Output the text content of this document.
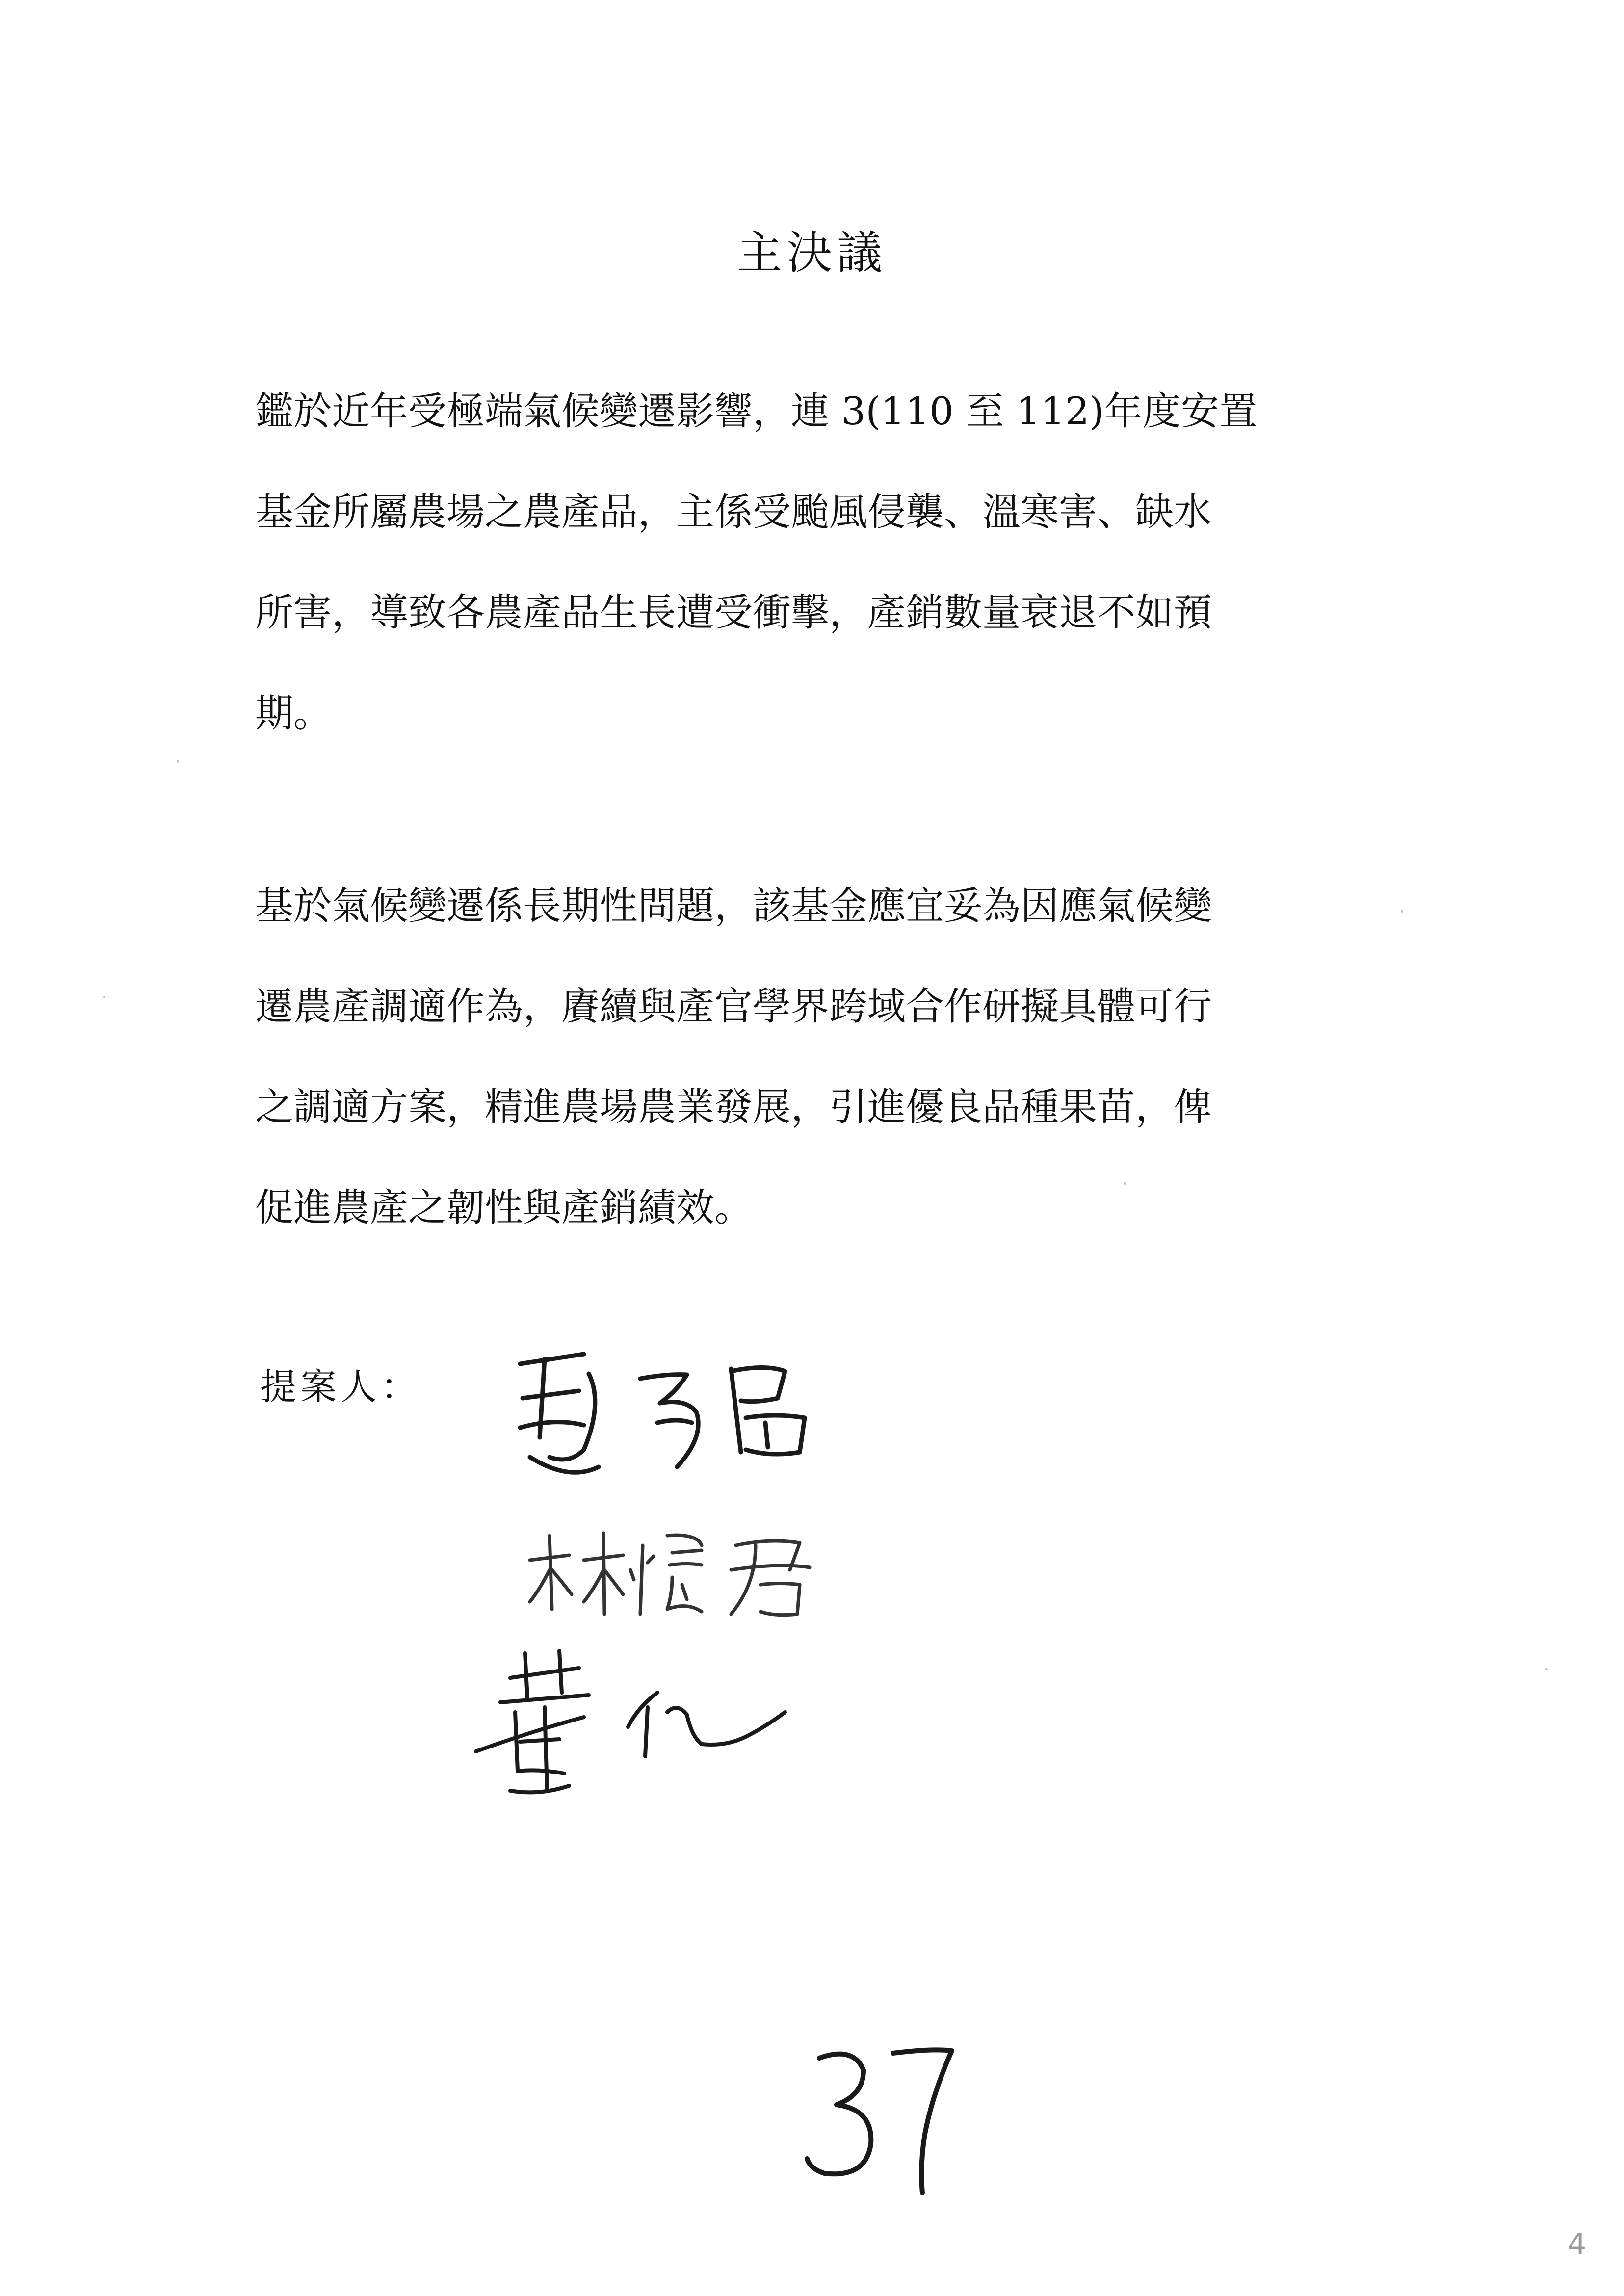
主決議
鑑於近年受極端氣候變遷影響，連 3(110 至 112)年度安置
基金所屬農場之農產品，主係受颱風侵襲、溫寒害、缺水
所害，導致各農產品生長遭受衝擊，產銷數量衰退不如預
期。
基於氣候變遷係長期性問題，該基金應宜妥為因應氣候變
遷農產調適作為，賡續與產官學界跨域合作研擬具體可行
之調適方案，精進農場農業發展，引進優良品種果苗，俾
促進農產之韌性與產銷績效。
提案人：
4
